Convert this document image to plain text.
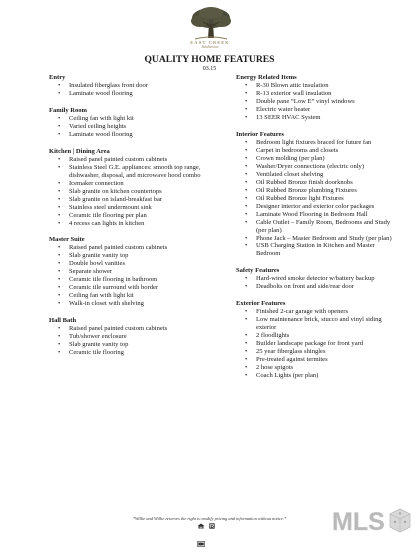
EAST CREEK
Subdivision
QUALITY HOME FEATURES
03.15
Entry
• Insulated fiberglass front door
• Laminate wood flooring
Family Room
• Ceiling fan with light kit
• Varied ceiling heights
• Laminate wood flooring
Kitchen | Dining Area
• Raised panel painted custom cabinets
• Stainless Steel G.E. appliances: smooth top range, dishwasher, disposal, and microwave hood combo
• Icemaker connection
• Slab granite on kitchen countertops
• Slab granite on island-breakfast bar
• Stainless steel undermount sink
• Ceramic tile flooring per plan
• 4 recess can lights in kitchen
Master Suite
• Raised panel painted custom cabinets
• Slab granite vanity top
• Double bowl vanities
• Separate shower
• Ceramic tile flooring in bathroom
• Ceramic tile surround with border
• Ceiling fan with light kit
• Walk-in closet with shelving
Hall Bath
• Raised panel painted custom cabinets
• Tub/shower enclosure
• Slab granite vanity top
• Ceramic tile flooring
Energy Related Items
• R-30 Blown attic insulation
• R-13 exterior wall insulation
• Double pane “Low E” vinyl windows
• Electric water heater
• 13 SEER HVAC System
Interior Features
• Bedroom light fixtures braced for future fan
• Carpet in bedrooms and closets
• Crown molding (per plan)
• Washer/Dryer connections (electric only)
• Ventilated closet shelving
• Oil Rubbed Bronze finish doorknobs
• Oil Rubbed Bronze plumbing Fixtures
• Oil Rubbed Bronze light Fixtures
• Designer interior and exterior color packages
• Laminate Wood Flooring in Bedroom Hall
• Cable Outlet – Family Room, Bedrooms and Study (per plan)
• Phone Jack – Master Bedroom and Study (per plan)
• USB Charging Station in Kitchen and Master Bedroom
Safety Features
• Hard-wired smoke detector w/battery backup
• Deadbolts on front and side/rear door
Exterior Features
• Finished 2-car garage with openers
• Low maintenance brick, stucco and vinyl siding exterior
• 2 floodlights
• Builder landscape package for front yard
• 25 year fiberglass shingles
• Pre-treated against termites
• 2 hose spigots
• Coach Lights (per plan)
*Willie and Willie reserves the right to modify pricing and information without notice.*
	MLS
